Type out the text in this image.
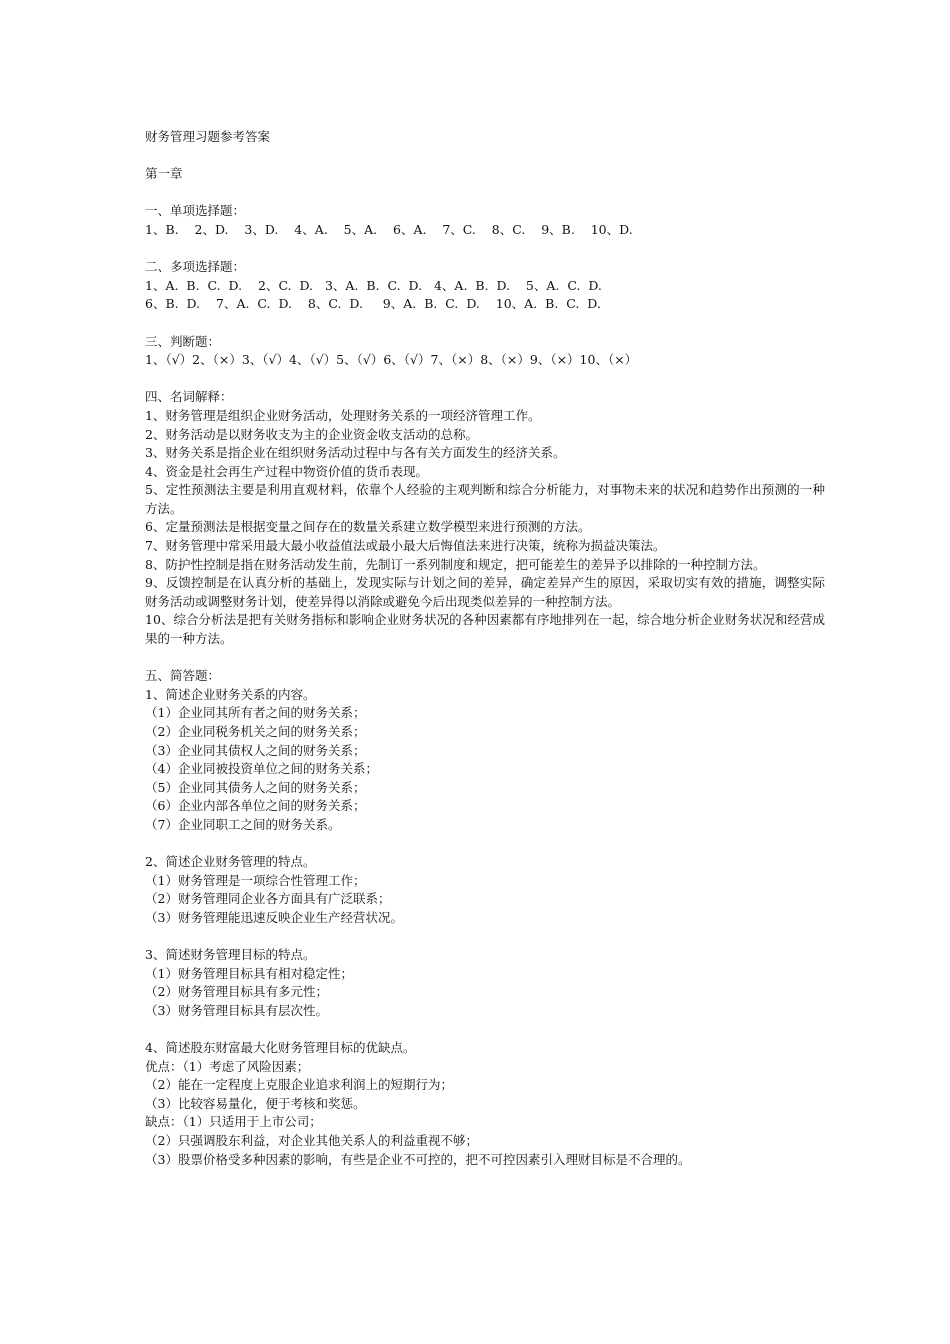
财务管理习题参考答案
第一章
一、单项选择题：
1、B.    2、D.    3、D.    4、A.    5、A.    6、A.    7、C.    8、C.    9、B.    10、D.
二、多项选择题：
1、A.  B.  C.  D.    2、C.  D.   3、A.  B.  C.  D.   4、A.  B.  D.    5、A.  C.  D.
6、B.  D.    7、A.  C.  D.    8、C.  D.     9、A.  B.  C.  D.    10、A.  B.  C.  D.
三、判断题：
1、（√）2、（×）3、（√）4、（√）5、（√）6、（√）7、（×）8、（×）9、（×）10、（×）
四、名词解释：
1、财务管理是组织企业财务活动，处理财务关系的一项经济管理工作。
2、财务活动是以财务收支为主的企业资金收支活动的总称。
3、财务关系是指企业在组织财务活动过程中与各有关方面发生的经济关系。
4、资金是社会再生产过程中物资价值的货币表现。
5、定性预测法主要是利用直观材料，依靠个人经验的主观判断和综合分析能力，对事物未来的状况和趋势作出预测的一种方法。
6、定量预测法是根据变量之间存在的数量关系建立数学模型来进行预测的方法。
7、财务管理中常采用最大最小收益值法或最小最大后悔值法来进行决策，统称为损益决策法。
8、防护性控制是指在财务活动发生前，先制订一系列制度和规定，把可能差生的差异予以排除的一种控制方法。
9、反馈控制是在认真分析的基础上，发现实际与计划之间的差异，确定差异产生的原因，采取切实有效的措施，调整实际财务活动或调整财务计划，使差异得以消除或避免今后出现类似差异的一种控制方法。
10、综合分析法是把有关财务指标和影响企业财务状况的各种因素都有序地排列在一起，综合地分析企业财务状况和经营成果的一种方法。
五、简答题：
1、简述企业财务关系的内容。
（1）企业同其所有者之间的财务关系；
（2）企业同税务机关之间的财务关系；
（3）企业同其债权人之间的财务关系；
（4）企业同被投资单位之间的财务关系；
（5）企业同其债务人之间的财务关系；
（6）企业内部各单位之间的财务关系；
（7）企业同职工之间的财务关系。
2、简述企业财务管理的特点。
（1）财务管理是一项综合性管理工作；
（2）财务管理同企业各方面具有广泛联系；
（3）财务管理能迅速反映企业生产经营状况。
3、简述财务管理目标的特点。
（1）财务管理目标具有相对稳定性；
（2）财务管理目标具有多元性；
（3）财务管理目标具有层次性。
4、简述股东财富最大化财务管理目标的优缺点。
优点：（1）考虑了风险因素；
（2）能在一定程度上克服企业追求利润上的短期行为；
（3）比较容易量化，便于考核和奖惩。
缺点：（1）只适用于上市公司；
（2）只强调股东利益，对企业其他关系人的利益重视不够；
（3）股票价格受多种因素的影响，有些是企业不可控的，把不可控因素引入理财目标是不合理的。
